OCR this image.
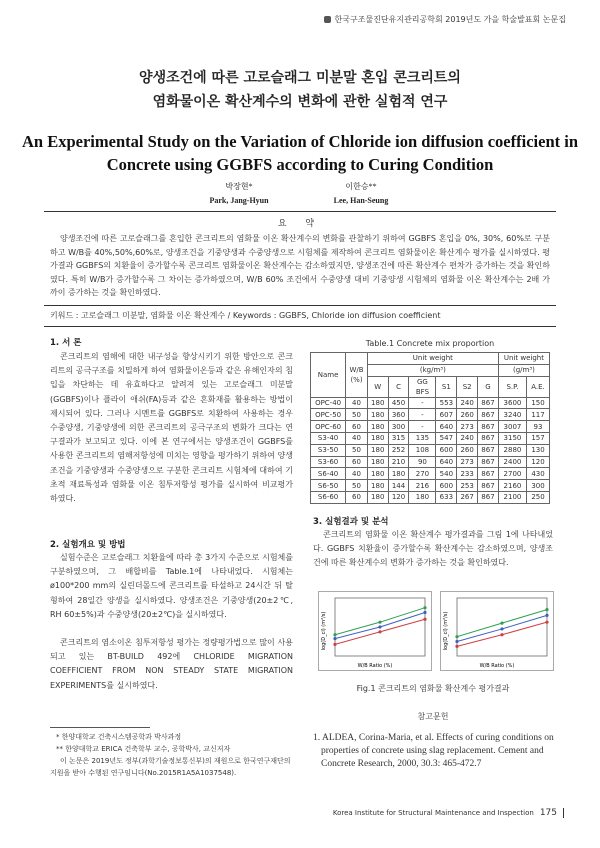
한국구조물진단유지관리공학회 2019년도 가을 학술발표회 논문집
양생조건에 따른 고로슬래그 미분말 혼입 콘크리트의
염화물이온 확산계수의 변화에 관한 실험적 연구
An Experimental Study on the Variation of Chloride ion diffusion coefficient in
Concrete using GGBFS according to Curing Condition
박장현*	이한승**
Park, Jang-Hyun	Lee, Han-Seung
요 약
양생조건에 따른 고로슬래그를 혼입한 콘크리트의 염화물 이온 확산계수의 변화를 관찰하기 위하여 GGBFS 혼입을 0%, 30%, 60%로 구분하고 W/B를 40%,50%,60%로, 양생조건을 기중양생과 수중양생으로 시험체를 제작하여 콘크리트 염화물이온 확산계수 평가를 실시하였다. 평가결과 GGBFS의 치환율이 증가할수록 콘크리트 염화물이온 확산계수는 감소하였지만, 양생조건에 따른 확산계수 편차가 증가하는 것을 확인하였다. 특히 W/B가 증가할수록 그 차이는 증가하였으며, W/B 60% 조건에서 수중양생 대비 기중양생 시험체의 염화물 이온 확산계수는 2배 가까이 증가하는 것을 확인하였다.
키워드 : 고로슬래그 미분말, 염화물 이온 확산계수 / Keywords : GGBFS, Chloride ion diffusion coefficient
1. 서 론
콘크리트의 염해에 대한 내구성을 향상시키기 위한 방안으로 콘크리트의 공극구조를 치밀하게 하여 염화물이온등과 같은 유해인자의 침입을 차단하는 데 유효하다고 알려져 있는 고로슬래그 미분말(GGBFS)이나 플라이 애쉬(FA)등과 같은 혼화재를 활용하는 방법이 제시되어 있다. 그러나 시멘트를 GGBFS로 치환하여 사용하는 경우 수중양생, 기중양생에 의한 콘크리트의 공극구조의 변화가 크다는 연구결과가 보고되고 있다. 이에 본 연구에서는 양생조건이 GGBFS를 사용한 콘크리트의 염해저항성에 미치는 영향을 평가하기 위하여 양생조건을 기중양생과 수중양생으로 구분한 콘크리트 시험체에 대하여 기초적 재료특성과 염화물 이온 침투저항성 평가를 실시하여 비교평가 하였다.
2. 실험개요 및 방법
실험수준은 고로슬래그 치환율에 따라 총 3가지 수준으로 시험체를 구분하였으며, 그 배합비를 Table.1에 나타내었다. 시험체는 ø100*200 mm의 실린더몰드에 콘크리트를 타설하고 24시간 뒤 탈형하여 28일간 양생을 실시하였다. 양생조건은 기중양생(20±2℃, RH 60±5%)과 수중양생(20±2℃)을 실시하였다.
콘크리트의 염소이온 침투저항성 평가는 정량평가법으로 많이 사용되고 있는 BT-BUILD 492에 CHLORIDE MIGRATION COEFFICIENT FROM NON STEADY STATE MIGRATION EXPERIMENTS를 실시하였다.
* 한양대학교 건축시스템공학과 박사과정
** 한양대학교 ERICA 건축학부 교수, 공학박사, 교신저자
이 논문은 2019년도 정부(과학기술정보통신부)의 재원으로 한국연구재단의 지원을 받아 수행된 연구임니다(No.2015R1A5A1037548).
Table.1 Concrete mix proportion
Name	W/B
(%)	Unit weight						Unit weight	
		(kg/m³)						(g/m³)	
		W	C	GG BFS	S1	S2	G	S.P.	A.E.
OPC-40	40	180	450	-	553	240	867	3600	150
OPC-50	50	180	360	-	607	260	867	3240	117
OPC-60	60	180	300	-	640	273	867	3007	93
S3-40	40	180	315	135	547	240	867	3150	157
S3-50	50	180	252	108	600	260	867	2880	130
S3-60	60	180	210	90	640	273	867	2400	120
S6-40	40	180	180	270	540	233	867	2700	430
S6-50	50	180	144	216	600	253	867	2160	300
S6-60	60	180	120	180	633	267	867	2100	250
3. 실험결과 및 분석
콘크리트의 염화물 이온 확산계수 평가결과를 그림 1에 나타내었다. GGBFS 치환율이 증가할수록 확산계수는 감소하였으며, 양생조건에 따른 확산계수의 변화가 증가하는 것을 확인하였다.
W/B Ratio (%)
log(D_cl) (m²/s)
W/B Ratio (%)
log(D_cl) (m²/s)
Fig.1 콘크리트의 염화물 확산계수 평가결과
참고문헌
1. ALDEA, Corina-Maria, et al. Effects of curing conditions on properties of concrete using slag replacement. Cement and Concrete Research, 2000, 30.3: 465-472.7
Korea Institute for Structural Maintenance and Inspection 175
